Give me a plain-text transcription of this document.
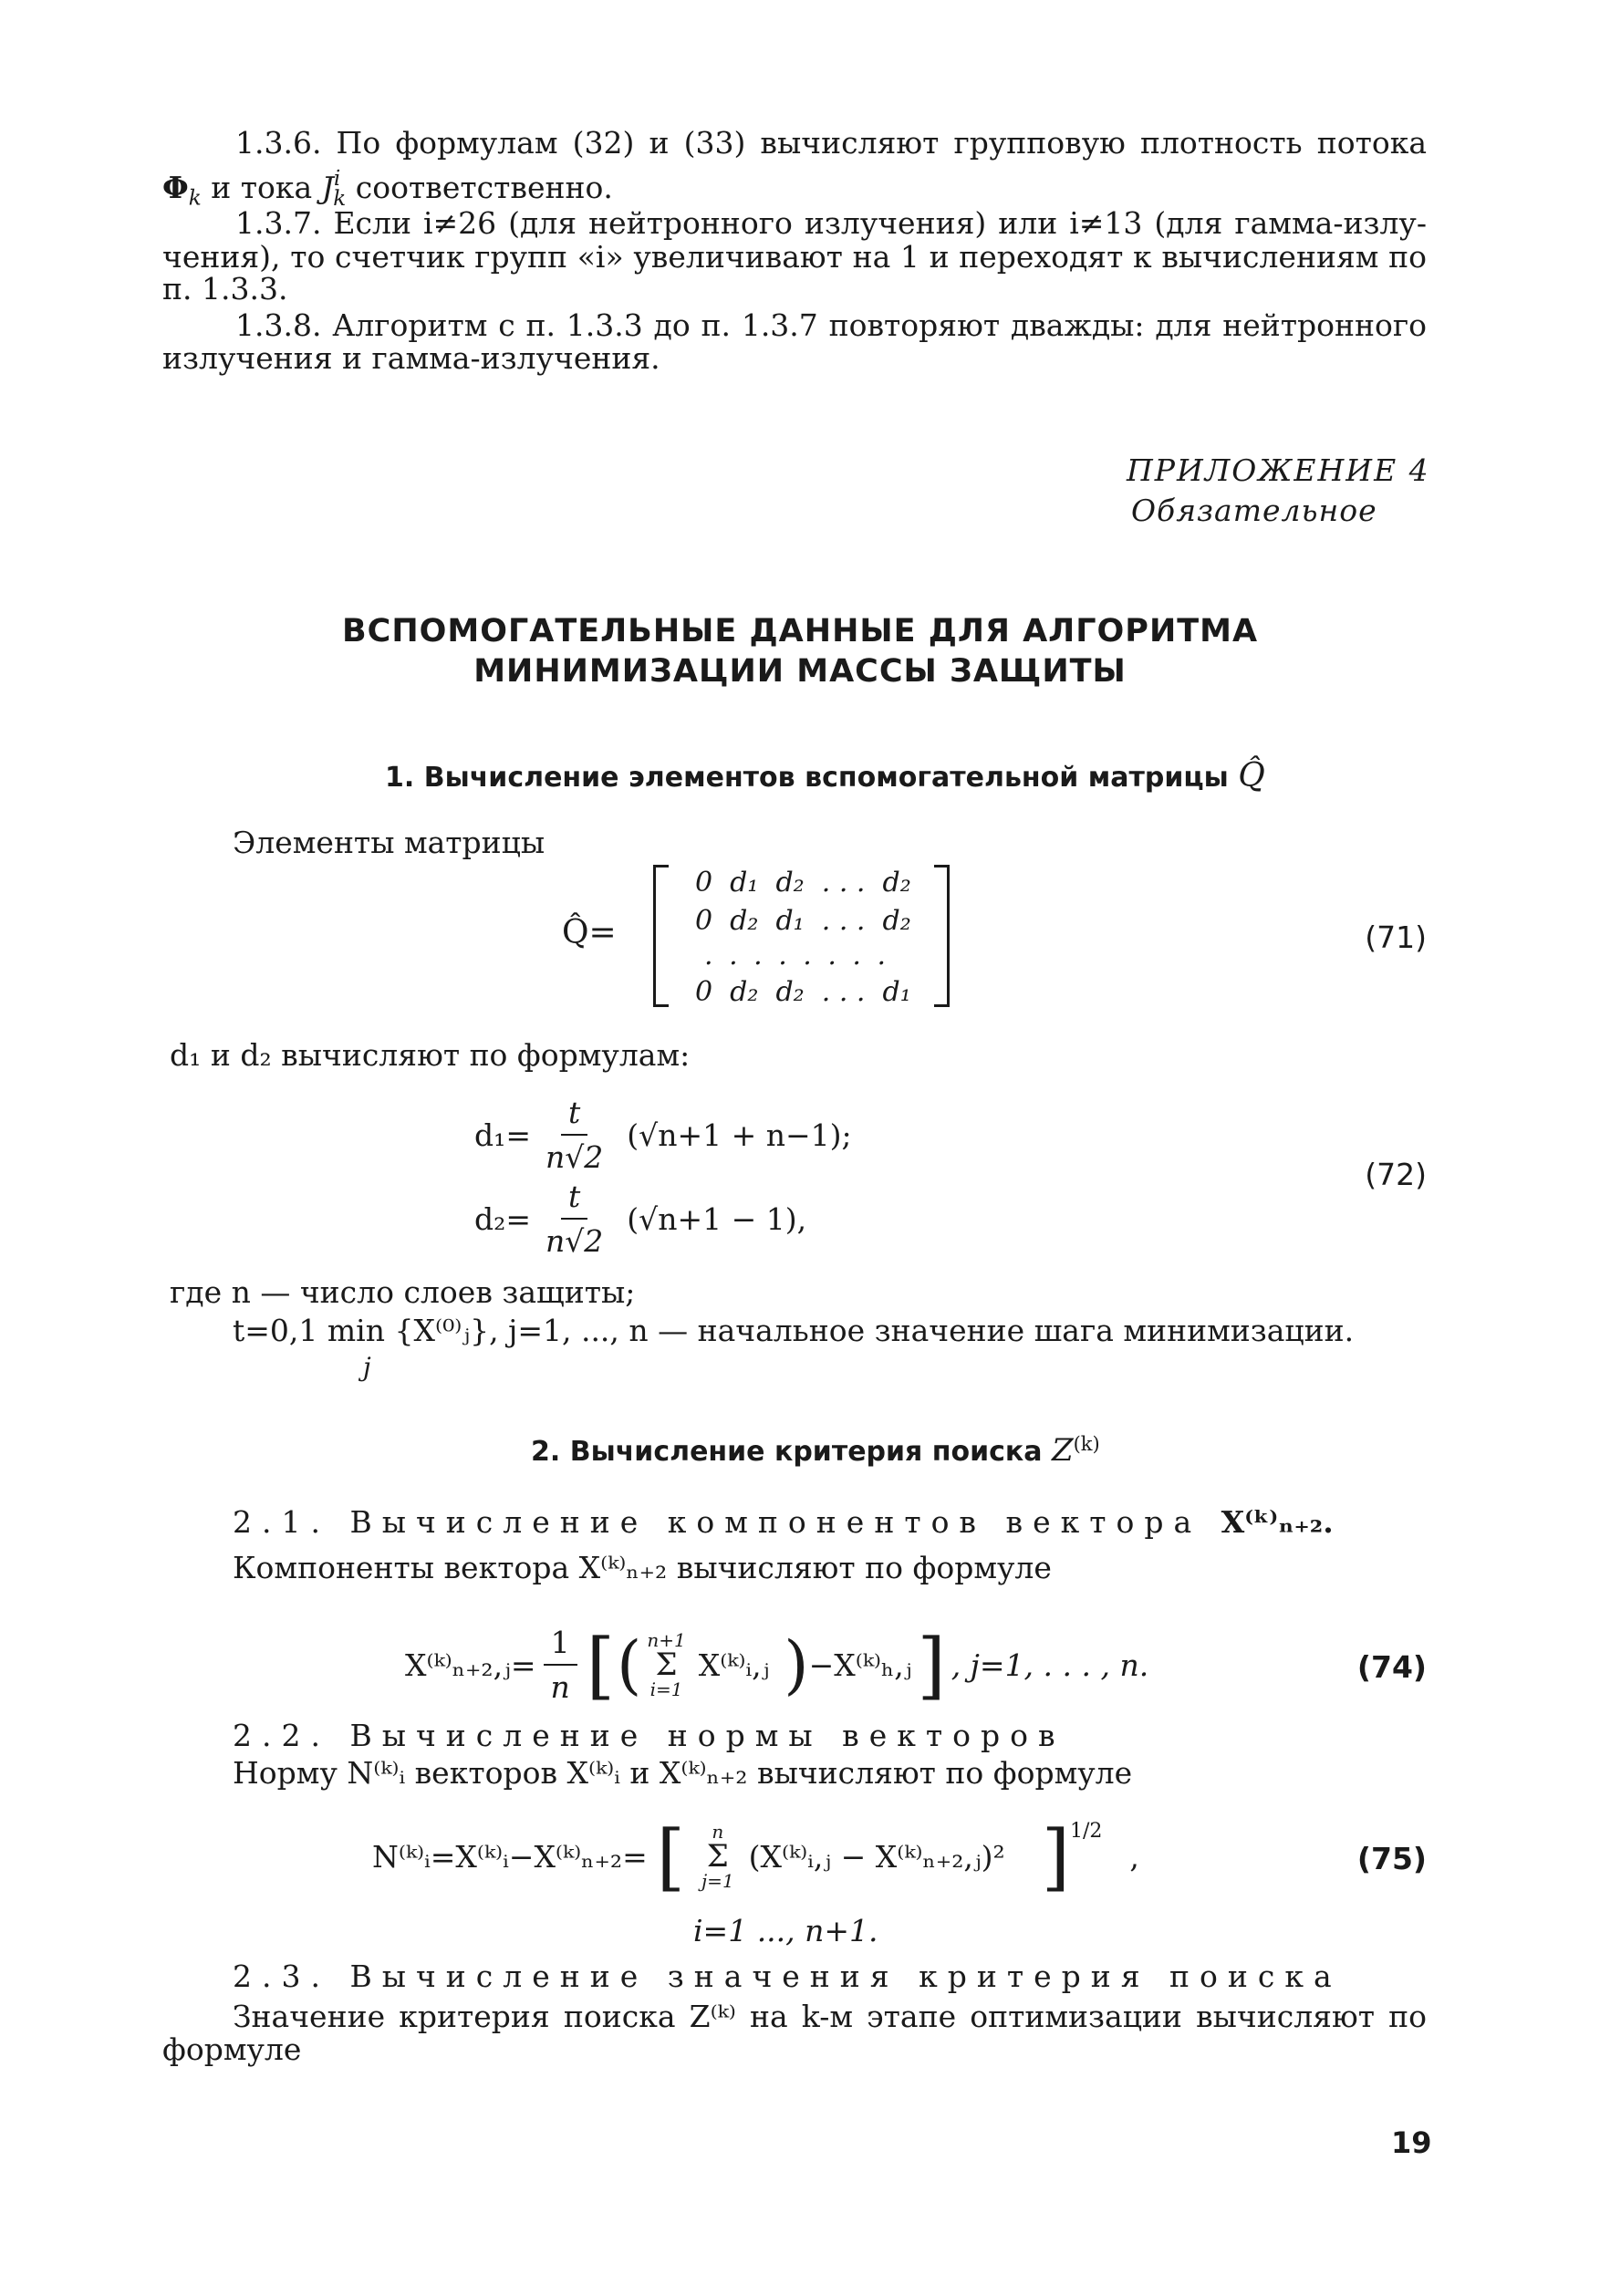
1.3.6. По формулам (32) и (33) вычисляют групповую плотность потока
$\Phi_k$ и тока $J^i_k$ соответственно.
1.3.7. Если i≠26 (для нейтронного излучения) или i≠13 (для гамма-излу-
чения), то счетчик групп «i» увеличивают на 1 и переходят к вычислениям по
п. 1.3.3.
1.3.8. Алгоритм с п. 1.3.3 до п. 1.3.7 повторяют дважды: для нейтронного
излучения и гамма-излучения.
ПРИЛОЖЕНИЕ 4
Обязательное
ВСПОМОГАТЕЛЬНЫЕ ДАННЫЕ ДЛЯ АЛГОРИТМА
МИНИМИЗАЦИИ МАССЫ ЗАЩИТЫ
1. Вычисление элементов вспомогательной матрицы Q̂
Элементы матрицы
Q̂=
0  d₁  d₂  . . .  d₂
0  d₂  d₁  . . .  d₂
. . . . . . . .
0  d₂  d₂  . . .  d₁
(71)
d₁ и d₂ вычисляют по формулам:
$d_1= \frac{t}{n√2} (√n+1 + n-1)$;
$d_2= \frac{t}{n√2} (√n+1 - 1)$,
(72)
где n — число слоев защиты;
t=0,1 min {X⁽⁰⁾ⱼ}, j=1, ..., n — начальное значение шага минимизации.
j
2. Вычисление критерия поиска $Z^{(k)}$
2.1. Вычисление компонентов вектора X⁽ᵏ⁾ₙ₊₂.
Компоненты вектора X⁽ᵏ⁾ₙ₊₂ вычисляют по формуле
X⁽ᵏ⁾ₙ₊₂,ⱼ= $\frac{1}{n}$ [ ( n+1
Σ
i=1
X⁽ᵏ⁾ᵢ,ⱼ ) −X⁽ᵏ⁾ₕ,ⱼ ] , j=1, . . . , n.	(74)
2.2. Вычисление нормы векторов
Норму N⁽ᵏ⁾ᵢ векторов X⁽ᵏ⁾ᵢ и X⁽ᵏ⁾ₙ₊₂ вычисляют по формуле
N⁽ᵏ⁾ᵢ=X⁽ᵏ⁾ᵢ−X⁽ᵏ⁾ₙ₊₂= [ n
Σ
j=1
(X⁽ᵏ⁾ᵢ,ⱼ − X⁽ᵏ⁾ₙ₊₂,ⱼ)² ]$^{1/2}$
,	(75)
i=1 ..., n+1.
2.3. Вычисление значения критерия поиска
Значение критерия поиска Z⁽ᵏ⁾ на k-м этапе оптимизации вычисляют по
формуле
19
